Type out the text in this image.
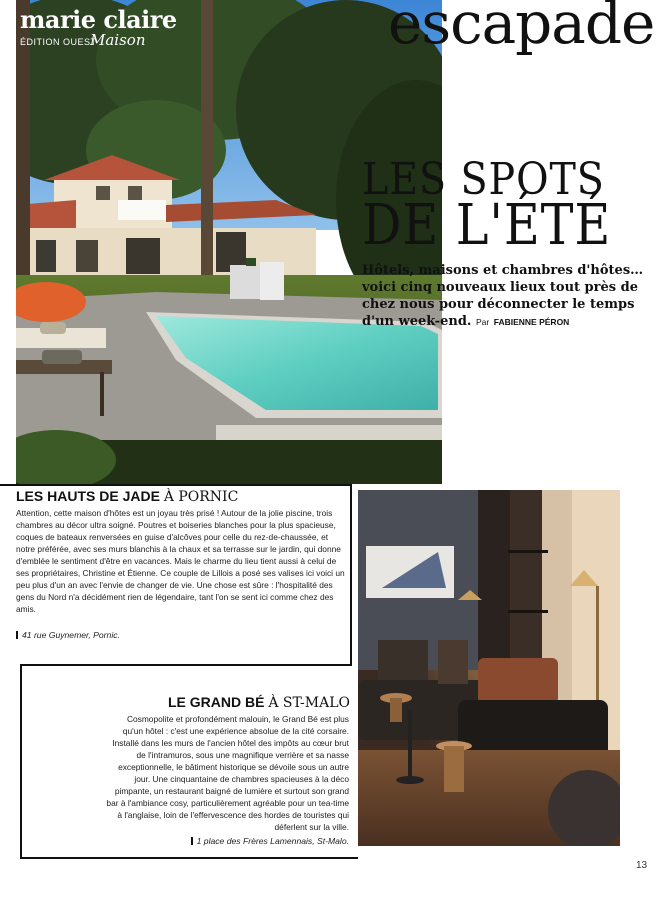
marie claire
ÉDITION OUEST
Maison	escapade
LES SPOTS
DE L'ÉTÉ
Hôtels, maisons et chambres d'hôtes… voici cinq nouveaux lieux tout près de chez nous pour déconnecter le temps d'un week-end. Par FABIENNE PÉRON
LES HAUTS DE JADE À PORNIC
Attention, cette maison d'hôtes est un joyau très prisé ! Autour de la jolie piscine, trois chambres au décor ultra soigné. Poutres et boiseries blanches pour la plus spacieuse, coques de bateaux renversées en guise d'alcôves pour celle du rez-de-chaussée, et notre préférée, avec ses murs blanchis à la chaux et sa terrasse sur le jardin, qui donne d'emblée le sentiment d'être en vacances. Mais le charme du lieu tient aussi à celui de ses propriétaires, Christine et Étienne. Ce couple de Lillois a posé ses valises ici voici un peu plus d'un an avec l'envie de changer de vie. Une chose est sûre : l'hospitalité des gens du Nord n'a décidément rien de légendaire, tant l'on se sent ici comme chez des amis.
41 rue Guynemer, Pornic.
LE GRAND BÉ À ST-MALO
Cosmopolite et profondément malouin, le Grand Bé est plus qu'un hôtel : c'est une expérience absolue de la cité corsaire. Installé dans les murs de l'ancien hôtel des impôts au cœur brut de l'intramuros, sous une magnifique verrière et sa nasse exceptionnelle, le bâtiment historique se dévoile sous un autre jour. Une cinquantaine de chambres spacieuses à la déco pimpante, un restaurant baigné de lumière et surtout son grand bar à l'ambiance cosy, particulièrement agréable pour un tea-time à l'anglaise, loin de l'effervescence des hordes de touristes qui déferlent sur la ville.
1 place des Frères Lamennais, St-Malo.
13
